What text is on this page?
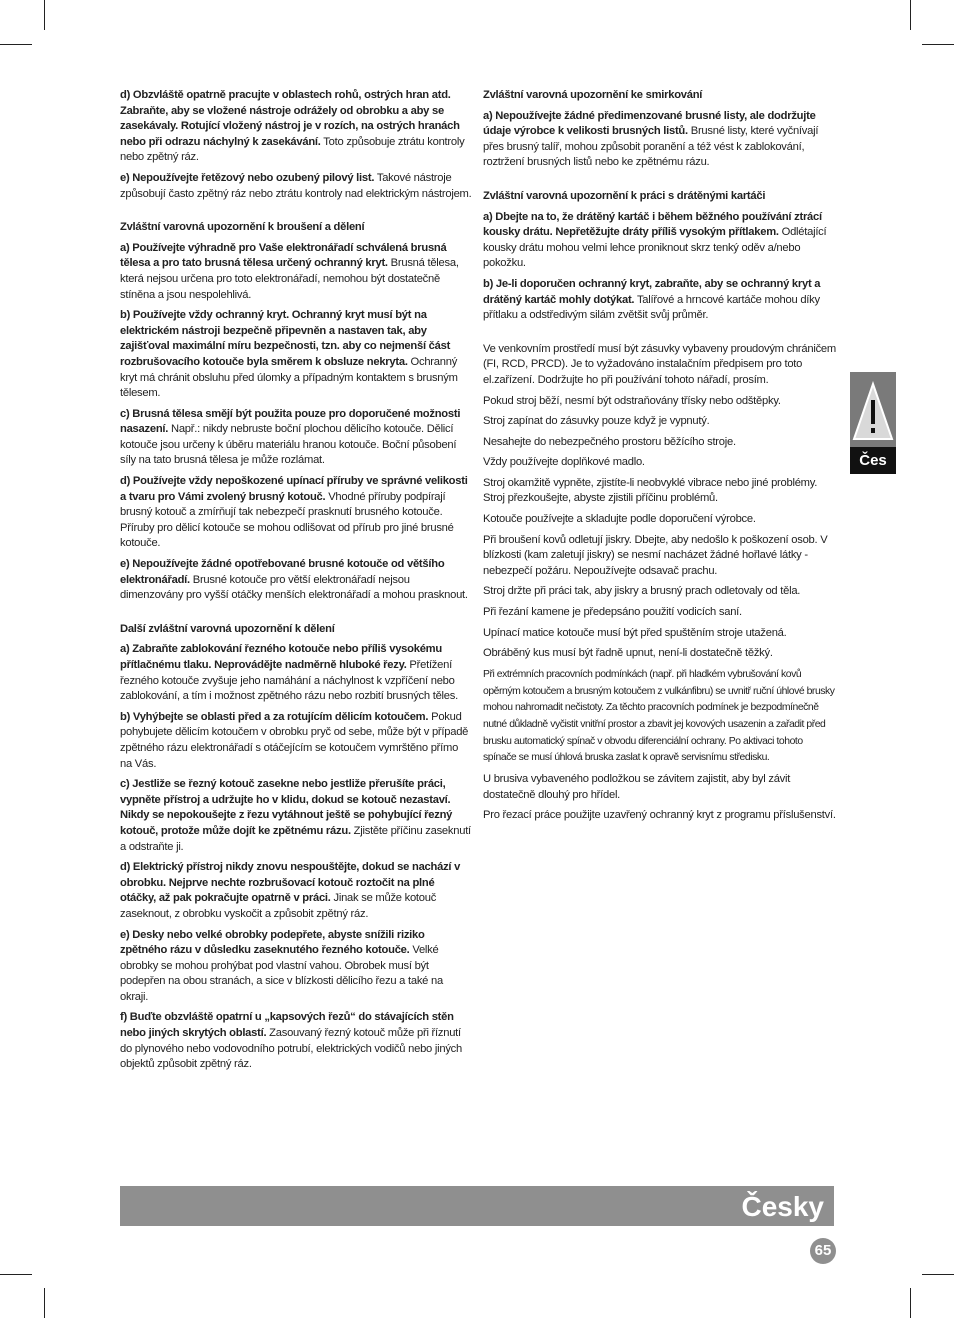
d) Obzvláště opatrně pracujte v oblastech rohů, ostrých hran atd. Zabraňte, aby se vložené nástroje odrážely od obrobku a aby se zasekávaly. Rotující vložený nástroj je v rozích, na ostrých hranách nebo při odrazu náchylný k zasekávání. Toto způsobuje ztrátu kontroly nebo zpětný ráz.

e) Nepoužívejte řetězový nebo ozubený pilový list. Takové nástroje způsobují často zpětný ráz nebo ztrátu kontroly nad elektrickým nástrojem.

Zvláštní varovná upozornění k broušení a dělení

a) Používejte výhradně pro Vaše elektronářadí schválená brusná tělesa a pro tato brusná tělesa určený ochranný kryt. Brusná tělesa, která nejsou určena pro toto elektronářadí, nemohou být dostatečně stíněna a jsou nespolehlivá.

b) Používejte vždy ochranný kryt. Ochranný kryt musí být na elektrickém nástroji bezpečně připevněn a nastaven tak, aby zajišťoval maximální míru bezpečnosti, tzn. aby co nejmenší část rozbrušovacího kotouče byla směrem k obsluze nekryta. Ochranný kryt má chránit obsluhu před úlomky a případným kontaktem s brusným tělesem.

c) Brusná tělesa smějí být použita pouze pro doporučené možnosti nasazení. Např.: nikdy nebruste boční plochou dělicího kotouče. Dělicí kotouče jsou určeny k úběru materiálu hranou kotouče. Boční působení síly na tato brusná tělesa je může rozlámat.

d) Používejte vždy nepoškozené upínací příruby ve správné velikosti a tvaru pro Vámi zvolený brusný kotouč. Vhodné příruby podpírají brusný kotouč a zmírňují tak nebezpečí prasknutí brusného kotouče. Příruby pro dělicí kotouče se mohou odlišovat od přírub pro jiné brusné kotouče.

e) Nepoužívejte žádné opotřebované brusné kotouče od většího elektronářadí. Brusné kotouče pro větší elektronářadí nejsou dimenzovány pro vyšší otáčky menších elektronářadí a mohou prasknout.

Další zvláštní varovná upozornění k dělení

a) Zabraňte zablokování řezného kotouče nebo příliš vysokému přítlačnému tlaku. Neprovádějte nadměrně hluboké řezy. Přetížení řezného kotouče zvyšuje jeho namáhání a náchylnost k vzpříčení nebo zablokování, a tím i možnost zpětného rázu nebo rozbití brusných těles.

b) Vyhýbejte se oblasti před a za rotujícím dělicím kotoučem. Pokud pohybujete dělicím kotoučem v obrobku pryč od sebe, může být v případě zpětného rázu elektronářadí s otáčejícím se kotoučem vymrštěno přímo na Vás.

c) Jestliže se řezný kotouč zasekne nebo jestliže přerušíte práci, vypněte přístroj a udržujte ho v klidu, dokud se kotouč nezastaví. Nikdy se nepokoušejte z řezu vytáhnout ještě se pohybující řezný kotouč, protože může dojít ke zpětnému rázu. Zjistěte příčinu zaseknutí a odstraňte ji.

d) Elektrický přístroj nikdy znovu nespouštějte, dokud se nachází v obrobku. Nejprve nechte rozbrušovací kotouč roztočit na plné otáčky, až pak pokračujte opatrně v práci. Jinak se může kotouč zaseknout, z obrobku vyskočit a způsobit zpětný ráz.

e) Desky nebo velké obrobky podepřete, abyste snížili riziko zpětného rázu v důsledku zaseknutého řezného kotouče. Velké obrobky se mohou prohýbat pod vlastní vahou. Obrobek musí být podepřen na obou stranách, a sice v blízkosti dělicího řezu a také na okraji.

f) Buďte obzvláště opatrní u „kapsových řezů“ do stávajících stěn nebo jiných skrytých oblastí. Zasouvaný řezný kotouč může při říznutí do plynového nebo vodovodního potrubí, elektrických vodičů nebo jiných objektů způsobit zpětný ráz.

Zvláštní varovná upozornění ke smirkování

a) Nepoužívejte žádné předimenzované brusné listy, ale dodržujte údaje výrobce k velikosti brusných listů. Brusné listy, které vyčnívají přes brusný talíř, mohou způsobit poranění a též vést k zablokování, roztržení brusných listů nebo ke zpětnému rázu.

Zvláštní varovná upozornění k práci s drátěnými kartáči

a) Dbejte na to, že drátěný kartáč i během běžného používání ztrácí kousky drátu. Nepřetěžujte dráty příliš vysokým přítlakem. Odlétající kousky drátu mohou velmi lehce proniknout skrz tenký oděv a/nebo pokožku.

b) Je-li doporučen ochranný kryt, zabraňte, aby se ochranný kryt a drátěný kartáč mohly dotýkat. Talířové a hrncové kartáče mohou díky přítlaku a odstředivým silám zvětšit svůj průměr.

Ve venkovním prostředí musí být zásuvky vybaveny proudovým chráničem (FI, RCD, PRCD). Je to vyžadováno instalačním předpisem pro toto el.zařízení. Dodržujte ho při používání tohoto nářadí, prosím.

Pokud stroj běží, nesmí být odstraňovány třísky nebo odštěpky.

Stroj zapínat do zásuvky pouze když je vypnutý.

Nesahejte do nebezpečného prostoru běžícího stroje.

Vždy používejte doplňkové madlo.

Stroj okamžitě vypněte, zjistíte-li neobvyklé vibrace nebo jiné problémy. Stroj přezkoušejte, abyste zjistili příčinu problémů.

Kotouče používejte a skladujte podle doporučení výrobce.

Při broušení kovů odletují jiskry. Dbejte, aby nedošlo k poškození osob. V blízkosti (kam zaletují jiskry) se nesmí nacházet žádné hořlavé látky - nebezpečí požáru. Nepoužívejte odsavač prachu.

Stroj držte při práci tak, aby jiskry a brusný prach odletovaly od těla.

Při řezání kamene je předepsáno použití vodicích saní.

Upínací matice kotouče musí být před spuštěním stroje utažená.

Obráběný kus musí být řadně upnut, není-li dostatečně těžký.

Při extrémních pracovních podmínkách (např. při hladkém vybrušování kovů opěrným kotoučem a brusným kotoučem z vulkánfibru) se uvnitř ruční úhlové brusky mohou nahromadit nečistoty. Za těchto pracovních podmínek je bezpodmínečně nutné důkladně vyčistit vnitřní prostor a zbavit jej kovových usazenin a zařadit před brusku automatický spínač v obvodu diferenciální ochrany. Po aktivaci tohoto spínače se musí úhlová bruska zaslat k opravě servisnímu středisku.

U brusiva vybaveného podložkou se závitem zajistit, aby byl závit dostatečně dlouhý pro hřídel.

Pro řezací práce použijte uzavřený ochranný kryt z programu příslušenství.

Čes
Česky
65
